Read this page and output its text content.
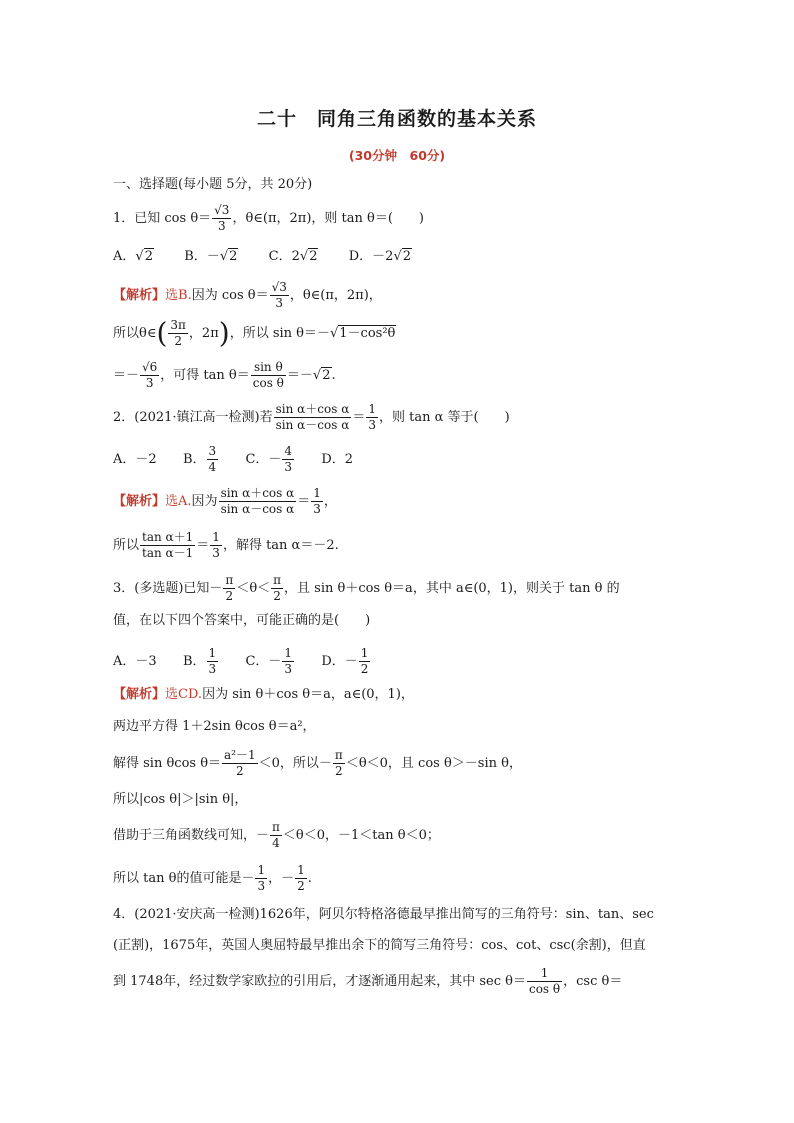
二十　同角三角函数的基本关系
(30分钟　60分)
一、选择题(每小题 5分，共 20分)
1．已知 $\cos \theta= \frac{√3}{3}$ ，θ∈(π，2π)，则 tan θ＝(　　)
A．√2 B．－√2 C．2√2 D．－2√2
【解析】选B.因为 $\cos \theta= \frac{√3}{3}$ ，θ∈(π，2π)，
所以θ∈( $\frac{3\pi}{2}$ ，2π)，所以 sin θ＝－√1－cos²θ
＝－ $\frac{√6}{3}$ ，可得 $\tan \theta= \frac{\text{sin θ}}{\text{cos θ}} =-√2$.
2．(2021·镇江高一检测)若 $\frac{\text{sin α＋cos α}}{\text{sin α－cos α}} = \frac{1}{3}$ ，则 tan α 等于(　　)
A．－2 B． $\frac{3}{4}$ C．－ $\frac{4}{3}$ D．2
【解析】选A.因为 $\frac{\text{sin α＋cos α}}{\text{sin α－cos α}} = \frac{1}{3}$ ，
所以 $\frac{\text{tan α＋1}}{\text{tan α－1}} = \frac{1}{3}$ ，解得 tan α＝－2.
3．(多选题)已知－ $\frac{\pi}{2} <\theta< \frac{\pi}{2}$ ，且 sin θ＋cos θ＝a，其中 a∈(0，1)，则关于 tan θ 的
值，在以下四个答案中，可能正确的是(　　)
A．－3 B． $\frac{1}{3}$ C．－ $\frac{1}{3}$ D．－ $\frac{1}{2}$
【解析】选CD.因为 sin θ＋cos θ＝a，a∈(0，1)，
两边平方得 1＋2sin θcos θ＝a²，
解得 sin θcos $\theta= \frac{\text{a²－1}}{2} <0$，所以－ $\frac{\pi}{2} <\theta<0$，且 cos θ＞－sin θ，
所以|cos θ|＞|sin θ|，
借助于三角函数线可知，－ $\frac{\pi}{4} <\theta<0$，－1＜tan θ＜0；
所以 tan θ的值可能是－ $\frac{1}{3}$ ，－ $\frac{1}{2}$ .
4．(2021·安庆高一检测)1626年，阿贝尔特格洛德最早推出简写的三角符号：sin、tan、sec
(正割)，1675年，英国人奥屈特最早推出余下的简写三角符号：cos、cot、csc(余割)，但直
到 1748年，经过数学家欧拉的引用后，才逐渐通用起来，其中 $\sec \theta= \frac{1}{\text{cos θ}}$ ，csc θ＝
